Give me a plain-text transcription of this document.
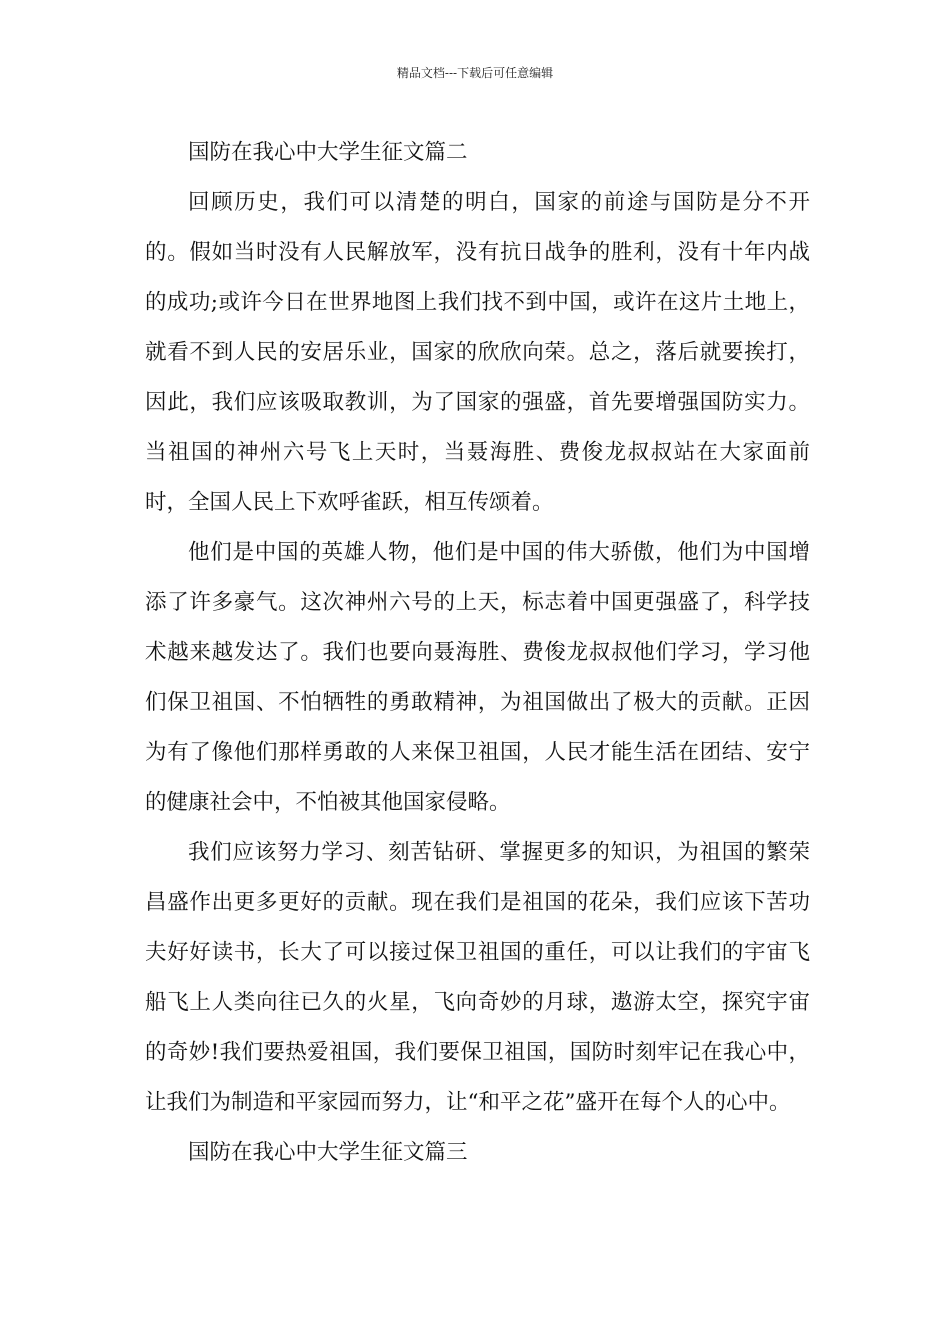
精品文档---下载后可任意编辑
国防在我心中大学生征文篇二

回顾历史，我们可以清楚的明白，国家的前途与国防是分不开的。假如当时没有人民解放军，没有抗日战争的胜利，没有十年内战的成功;或许今日在世界地图上我们找不到中国，或许在这片土地上，就看不到人民的安居乐业，国家的欣欣向荣。总之，落后就要挨打，因此，我们应该吸取教训，为了国家的强盛，首先要增强国防实力。当祖国的神州六号飞上天时，当聂海胜、费俊龙叔叔站在大家面前时，全国人民上下欢呼雀跃，相互传颂着。

他们是中国的英雄人物，他们是中国的伟大骄傲，他们为中国增添了许多豪气。这次神州六号的上天，标志着中国更强盛了，科学技术越来越发达了。我们也要向聂海胜、费俊龙叔叔他们学习，学习他们保卫祖国、不怕牺牲的勇敢精神，为祖国做出了极大的贡献。正因为有了像他们那样勇敢的人来保卫祖国，人民才能生活在团结、安宁的健康社会中，不怕被其他国家侵略。

我们应该努力学习、刻苦钻研、掌握更多的知识，为祖国的繁荣昌盛作出更多更好的贡献。现在我们是祖国的花朵，我们应该下苦功夫好好读书，长大了可以接过保卫祖国的重任，可以让我们的宇宙飞船飞上人类向往已久的火星，飞向奇妙的月球，遨游太空，探究宇宙的奇妙!我们要热爱祖国，我们要保卫祖国，国防时刻牢记在我心中，让我们为制造和平家园而努力，让“和平之花”盛开在每个人的心中。

国防在我心中大学生征文篇三
